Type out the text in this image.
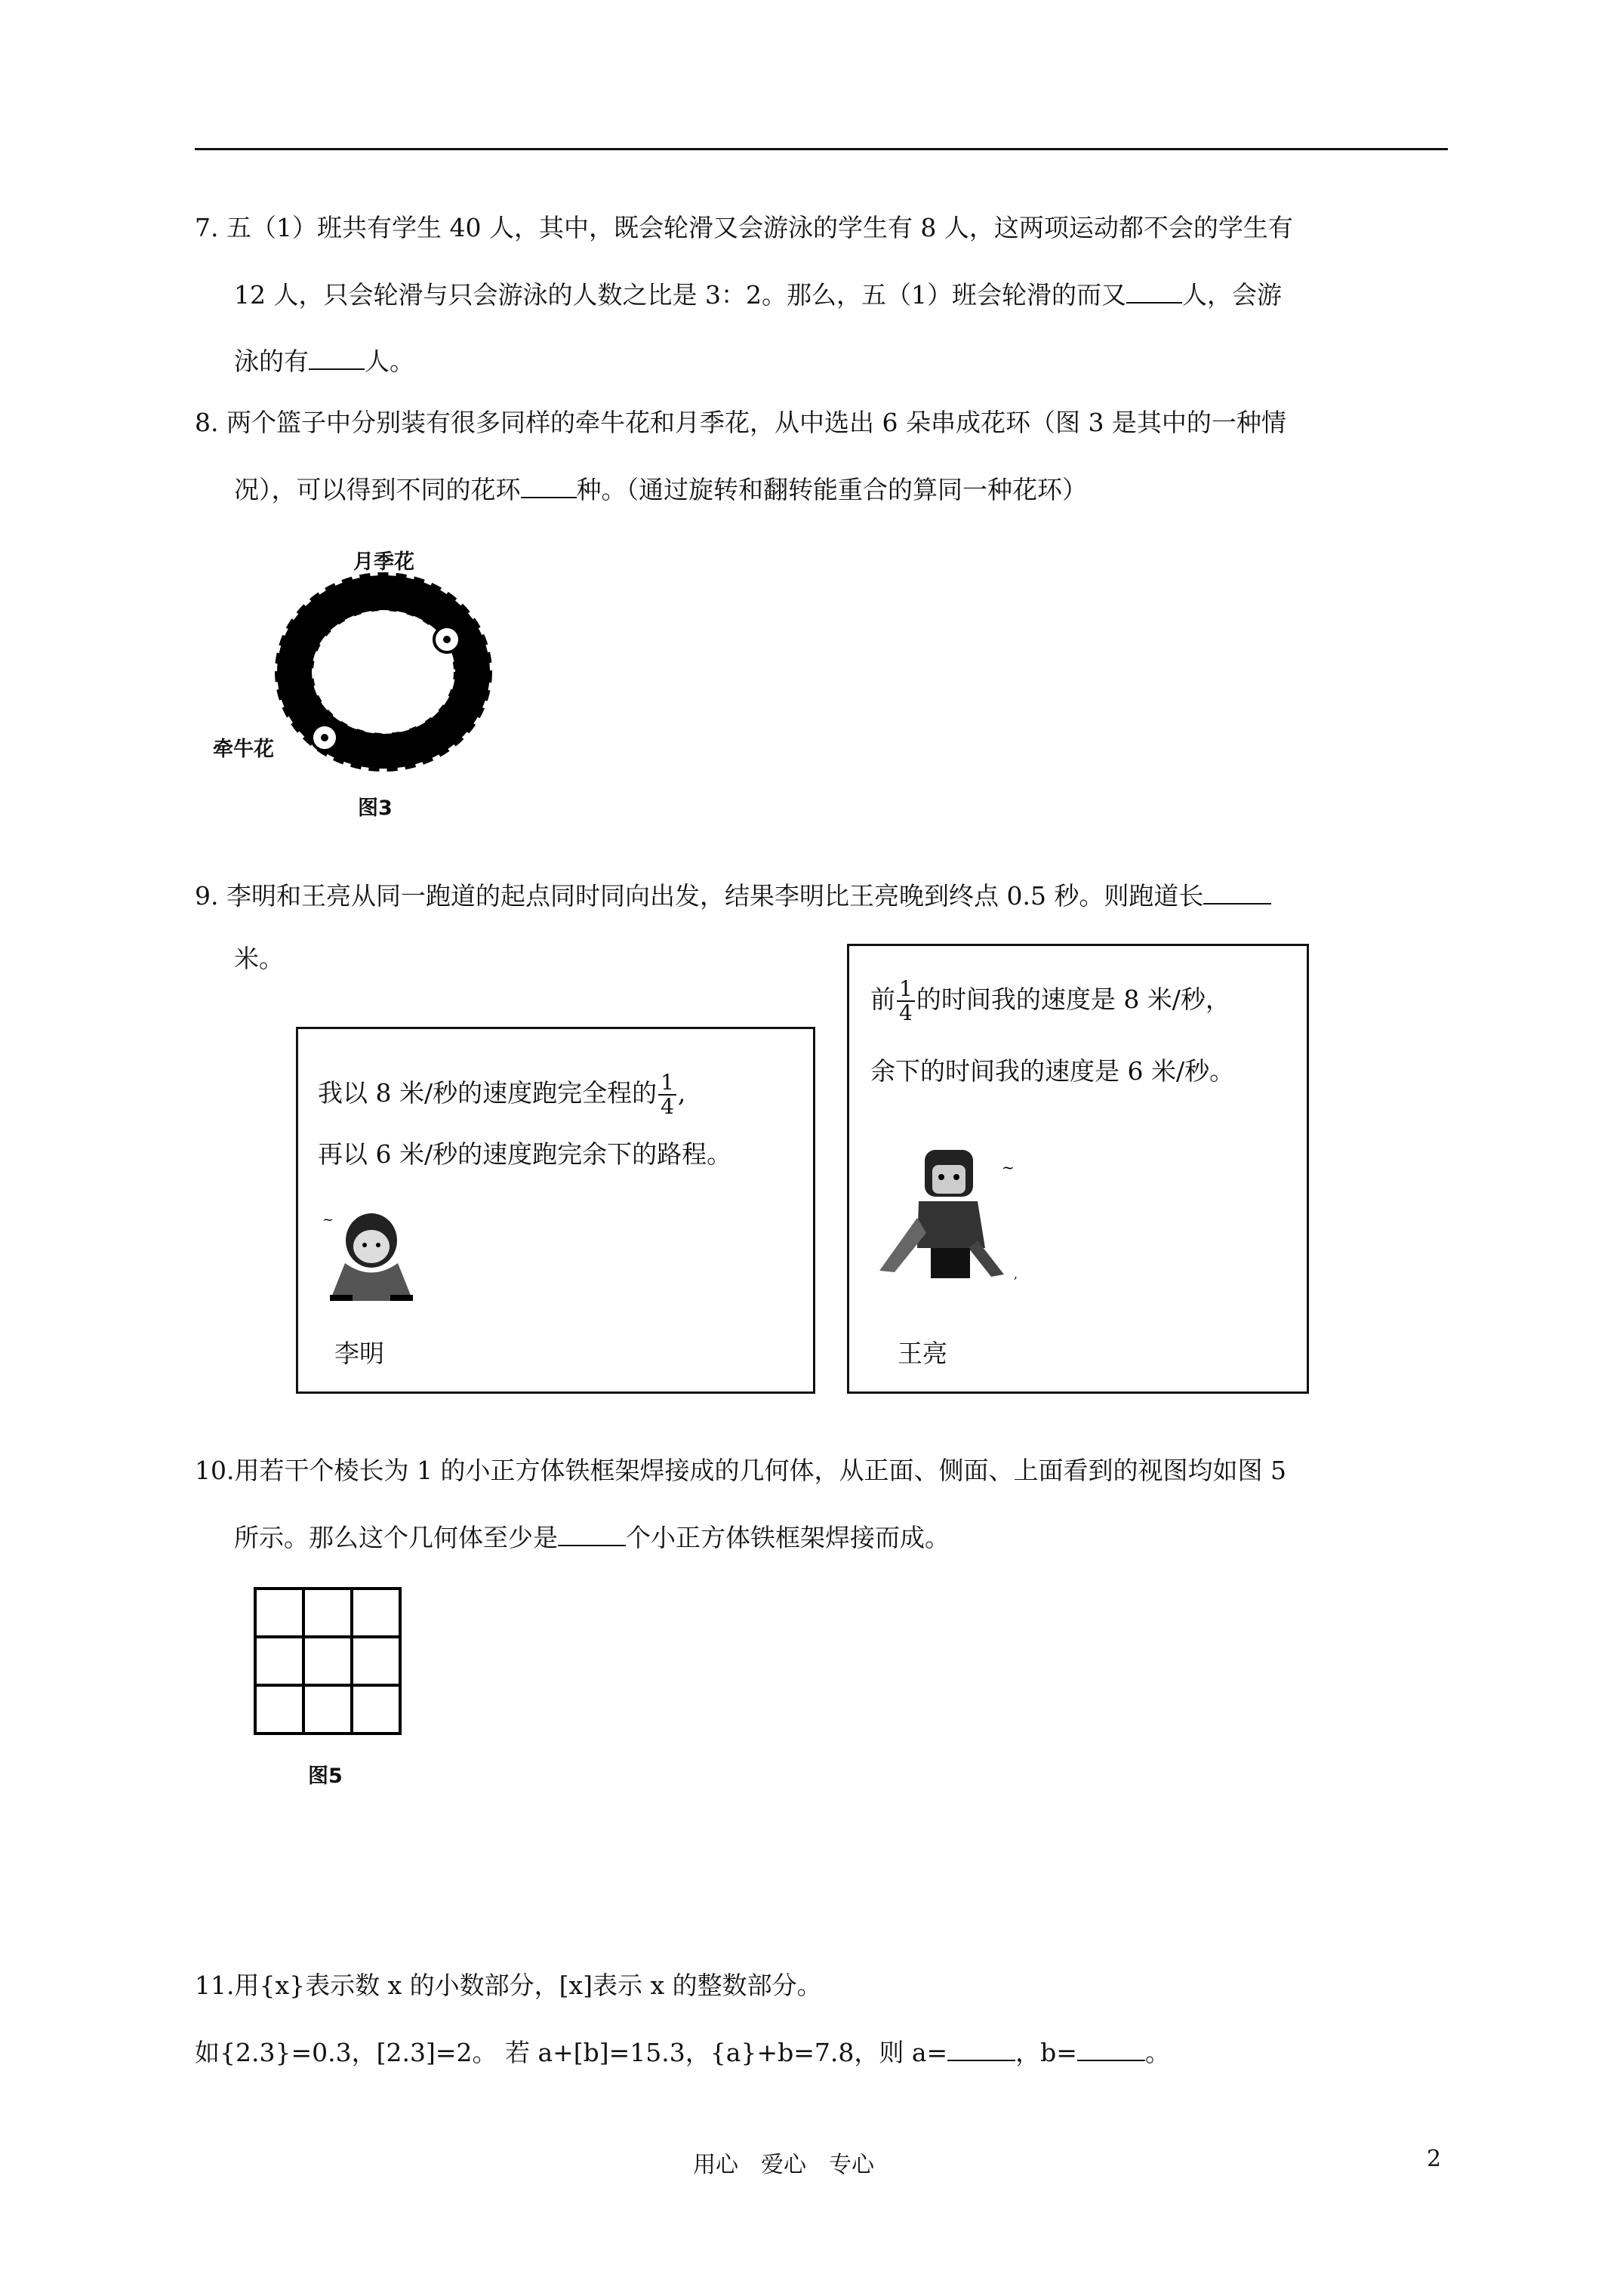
7. 五（1）班共有学生 40 人，其中，既会轮滑又会游泳的学生有 8 人，这两项运动都不会的学生有
12 人，只会轮滑与只会游泳的人数之比是 3：2。那么，五（1）班会轮滑的而又 人，会游
泳的有 人。
8. 两个篮子中分别装有很多同样的牵牛花和月季花，从中选出 6 朵串成花环（图 3 是其中的一种情
况），可以得到不同的花环 种。（通过旋转和翻转能重合的算同一种花环）
月季花
牵牛花
图3
9. 李明和王亮从同一跑道的起点同时同向出发，结果李明比王亮晚到终点 0.5 秒。则跑道长
米。
我以 8 米/秒的速度跑完全程的 $\frac{1}{4}$ ,
再以 6 米/秒的速度跑完余下的路程。
~
李明
前 $\frac{1}{4}$ 的时间我的速度是 8 米/秒，
余下的时间我的速度是 6 米/秒。
~
,
王亮
10.用若干个棱长为 1 的小正方体铁框架焊接成的几何体，从正面、侧面、上面看到的视图均如图 5
所示。那么这个几何体至少是	个小正方体铁框架焊接而成。
图5
11.用{x}表示数 x 的小数部分，[x]表示 x 的整数部分。
如{2.3}=0.3，[2.3]=2。 若 a+[b]=15.3，{a}+b=7.8，则 a=	，b=	。
用心　爱心　专心	2
